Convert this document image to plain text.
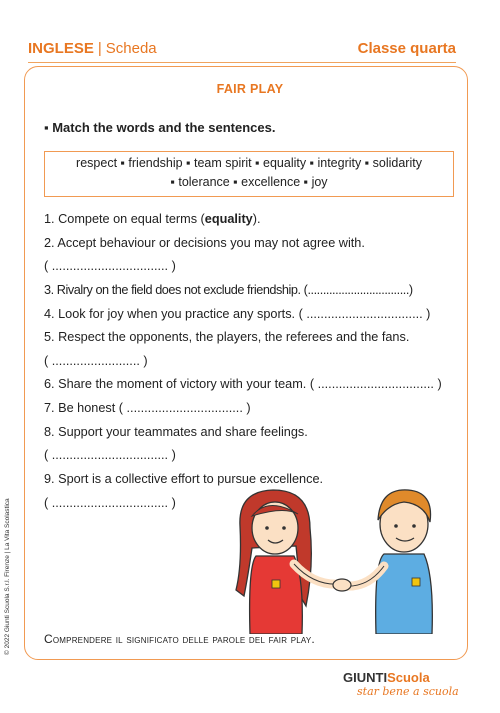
INGLESE | Scheda	Classe quarta
FAIR PLAY
▪ Match the words and the sentences.
respect ▪ friendship ▪ team spirit ▪ equality ▪ integrity ▪ solidarity
▪ tolerance ▪ excellence ▪ joy
1. Compete on equal terms (equality).
2. Accept behaviour or decisions you may not agree with.
( ................................. )
3. Rivalry on the field does not exclude friendship. (.................................)
4. Look for joy when you practice any sports. ( ................................. )
5. Respect the opponents, the players, the referees and the fans.
( ......................... )
6. Share the moment of victory with your team. ( ................................. )
7. Be honest ( ................................. )
8. Support your teammates and share feelings.
( ................................. )
9. Sport is a collective effort to pursue excellence.
( ................................. )
Comprendere il significato delle parole del fair play.
© 2022 Giunti Scuola S.r.l. Firenze | La Vita Scolastica
GIUNTIScuola
star bene a scuola
